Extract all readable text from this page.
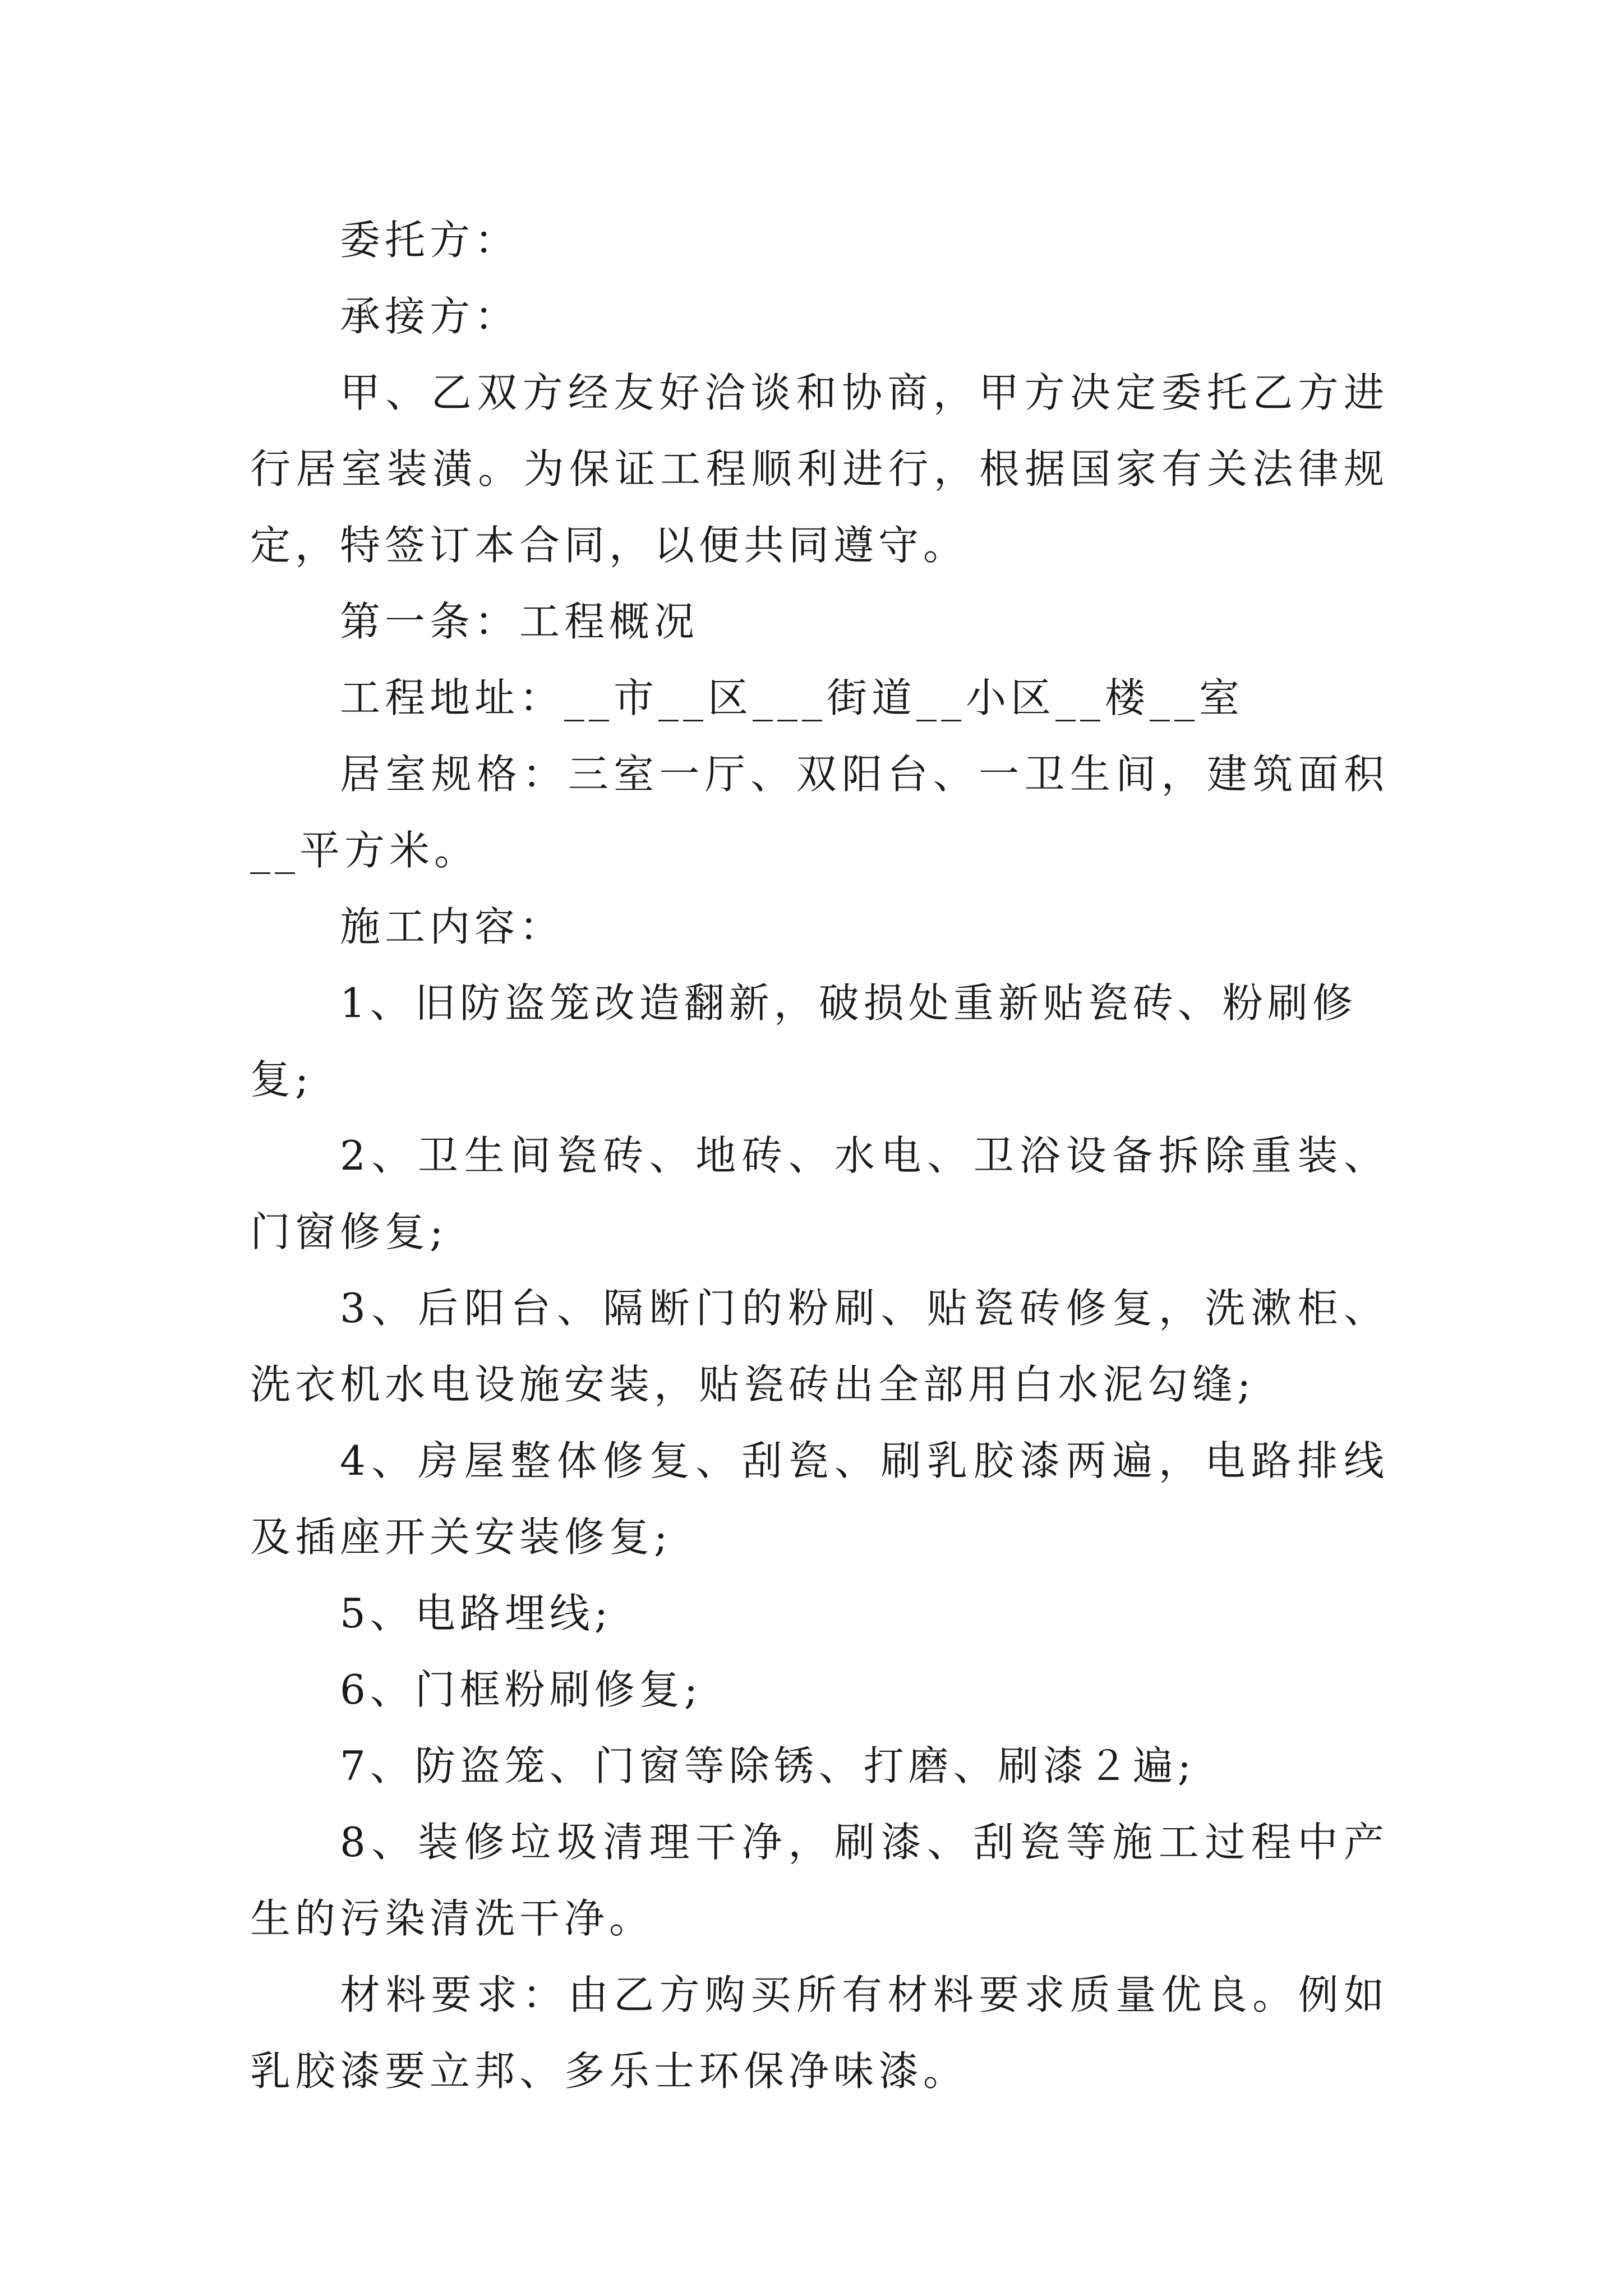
委托方：

承接方：

甲、乙双方经友好洽谈和协商，甲方决定委托乙方进行居室装潢。为保证工程顺利进行，根据国家有关法律规定，特签订本合同，以便共同遵守。

第一条：工程概况

工程地址：__市__区___街道__小区__楼__室

居室规格：三室一厅、双阳台、一卫生间，建筑面积__平方米。

施工内容：

1、旧防盗笼改造翻新，破损处重新贴瓷砖、粉刷修复;

2、卫生间瓷砖、地砖、水电、卫浴设备拆除重装、门窗修复;

3、后阳台、隔断门的粉刷、贴瓷砖修复，洗漱柜、洗衣机水电设施安装，贴瓷砖出全部用白水泥勾缝;

4、房屋整体修复、刮瓷、刷乳胶漆两遍，电路排线及插座开关安装修复;

5、电路埋线;

6、门框粉刷修复;

7、防盗笼、门窗等除锈、打磨、刷漆２遍;

8、装修垃圾清理干净，刷漆、刮瓷等施工过程中产生的污染清洗干净。

材料要求：由乙方购买所有材料要求质量优良。例如乳胶漆要立邦、多乐士环保净味漆。
